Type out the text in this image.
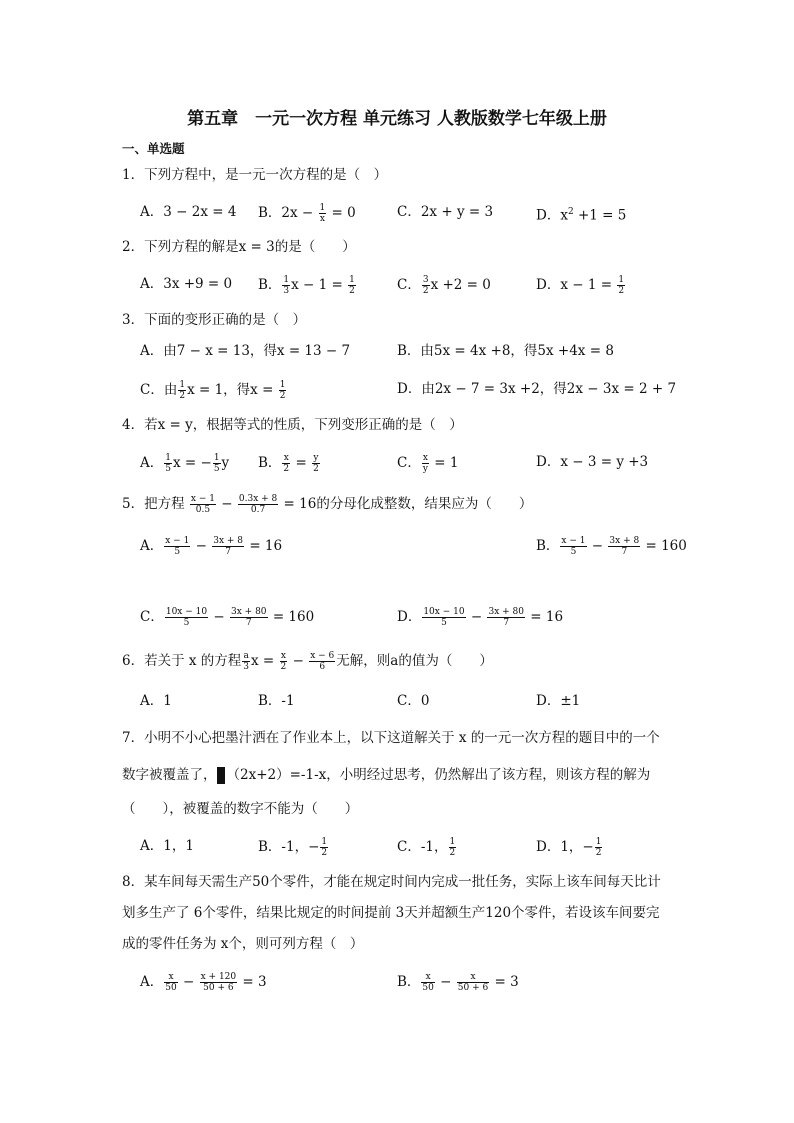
第五章　一元一次方程 单元练习 人教版数学七年级上册
一、单选题
1．下列方程中，是一元一次方程的是（　）
A．3 − 2x = 4 B．$2x - \frac{1}{x} = 0$	C．2x + y = 3	D．$x^2 +1 = 5$
2．下列方程的解是x = 3的是（　　）
A．3x +9 = 0 B． $\frac{1}{3}$ $x - 1 = \frac{1}{2}$	C． $\frac{3}{2}$ x +2 = 0	D．$x - 1 = \frac{1}{2}$
3．下面的变形正确的是（　）
A．由7 − x = 13，得x = 13 − 7	B．由5x = 4x +8，得5x +4x = 8
C．由 $\frac{1}{2}$ x = 1，得$x = \frac{1}{2}$	D．由2x − 7 = 3x +2，得2x − 3x = 2 + 7
4．若x = y，根据等式的性质，下列变形正确的是（　）
A． $\frac{1}{5}$ x = − $\frac{1}{5}$ y B． $\frac{x}{2} = \frac{y}{2}$	C． $\frac{x}{y} = 1$	D．x − 3 = y +3
5．把方程 $\frac{x - 1}{0.5} - \frac{0.3x + 8}{0.7} = 16$的分母化成整数，结果应为（　　）
A． $\frac{x - 1}{5} - \frac{3x + 8}{7} = 16$	B． $\frac{x - 1}{5} - \frac{3x + 8}{7} = 160$
C． $\frac{10x - 10}{5} - \frac{3x + 80}{7} = 160$	D． $\frac{10x - 10}{5} - \frac{3x + 80}{7} = 16$
6．若关于 x 的方程 $\frac{a}{3}$ $x = \frac{x}{2} - \frac{x - 6}{6}$ 无解，则a的值为（　　）
A．1	B．-1	C．0	D．±1
7．小明不小心把墨汁洒在了作业本上，以下这道解关于 x 的一元一次方程的题目中的一个
数字被覆盖了， （2x+2）=-1-x，小明经过思考，仍然解出了该方程，则该方程的解为
（　　），被覆盖的数字不能为（　　）
A．1，1	B．-1，− $\frac{1}{2}$	C．-1， $\frac{1}{2}$	D．1，− $\frac{1}{2}$
8．某车间每天需生产50个零件，才能在规定时间内完成一批任务，实际上该车间每天比计
划多生产了 6个零件，结果比规定的时间提前 3天并超额生产120个零件，若设该车间要完
成的零件任务为 x个，则可列方程（　）
A． $\frac{x}{50} - \frac{x + 120}{50 + 6} = 3$	B． $\frac{x}{50} - \frac{x}{50 + 6} = 3$
